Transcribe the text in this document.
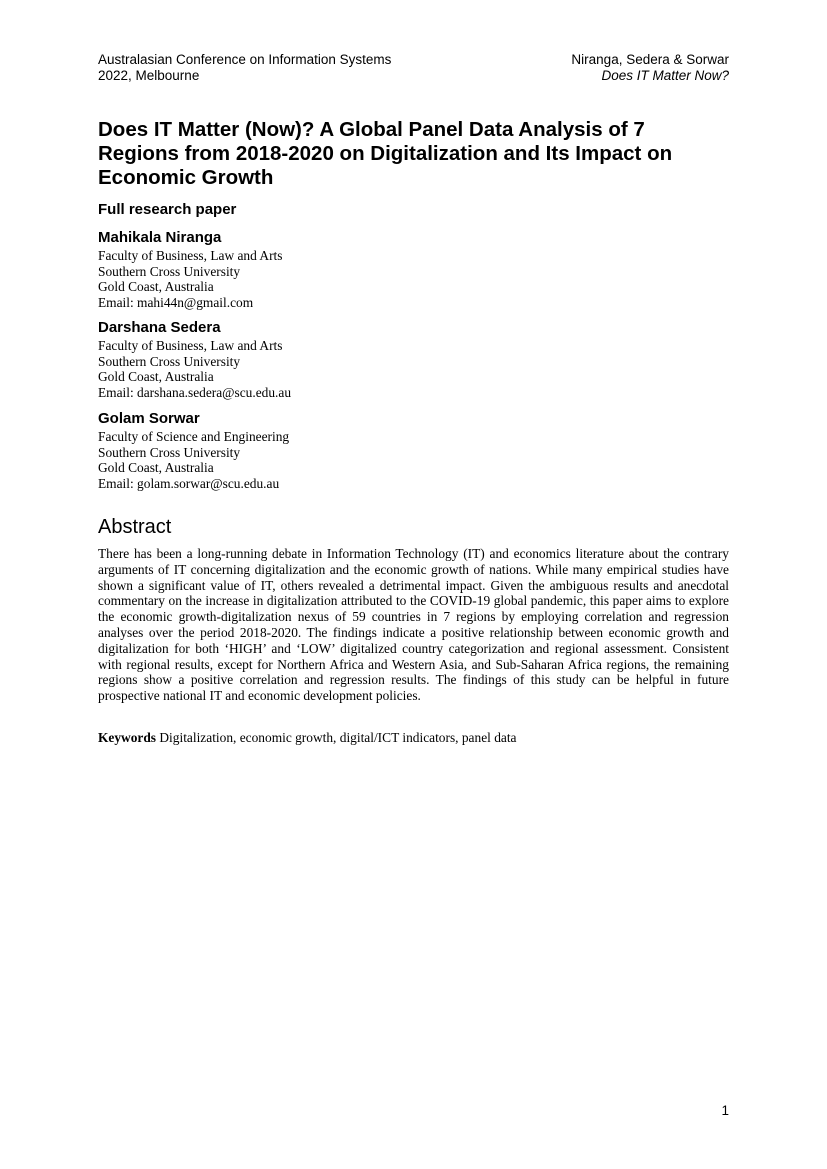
Australasian Conference on Information Systems
2022, Melbourne
Niranga, Sedera & Sorwar
Does IT Matter Now?
Does IT Matter (Now)? A Global Panel Data Analysis of 7 Regions from 2018-2020 on Digitalization and Its Impact on Economic Growth
Full research paper
Mahikala Niranga
Faculty of Business, Law and Arts
Southern Cross University
Gold Coast, Australia
Email: mahi44n@gmail.com
Darshana Sedera
Faculty of Business, Law and Arts
Southern Cross University
Gold Coast, Australia
Email: darshana.sedera@scu.edu.au
Golam Sorwar
Faculty of Science and Engineering
Southern Cross University
Gold Coast, Australia
Email: golam.sorwar@scu.edu.au
Abstract

There has been a long-running debate in Information Technology (IT) and economics literature about the contrary arguments of IT concerning digitalization and the economic growth of nations. While many empirical studies have shown a significant value of IT, others revealed a detrimental impact. Given the ambiguous results and anecdotal commentary on the increase in digitalization attributed to the COVID-19 global pandemic, this paper aims to explore the economic growth-digitalization nexus of 59 countries in 7 regions by employing correlation and regression analyses over the period 2018-2020. The findings indicate a positive relationship between economic growth and digitalization for both ‘HIGH’ and ‘LOW’ digitalized country categorization and regional assessment. Consistent with regional results, except for Northern Africa and Western Asia, and Sub-Saharan Africa regions, the remaining regions show a positive correlation and regression results. The findings of this study can be helpful in future prospective national IT and economic development policies.

Keywords Digitalization, economic growth, digital/ICT indicators, panel data

1
